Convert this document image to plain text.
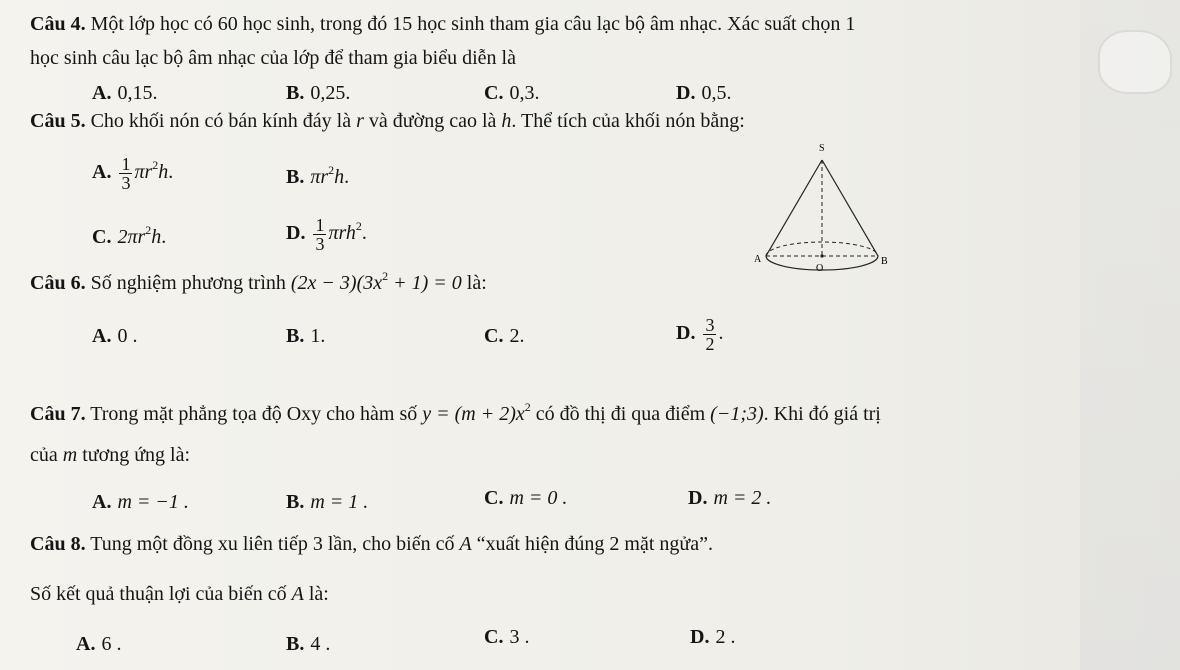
Câu 4. Một lớp học có 60 học sinh, trong đó 15 học sinh tham gia câu lạc bộ âm nhạc. Xác suất chọn 1
học sinh câu lạc bộ âm nhạc của lớp để tham gia biểu diễn là
A. 0,15.	B. 0,25.	C. 0,3.	D. 0,5.
Câu 5. Cho khối nón có bán kính đáy là r và đường cao là h. Thể tích của khối nón bằng:
A. $\frac{1}{3} \pi r^2h$.	B. $\pi r^2h$.
C. $2\pi r^2h$.	D. $\frac{1}{3} \pi rh^2$.
S
O
A	B
Câu 6. Số nghiệm phương trình $(2x - 3)(3x^2 + 1) = 0$ là:
A. 0 .	B. 1.	C. 2.	D. $\frac{3}{2}$ .
Câu 7. Trong mặt phẳng tọa độ Oxy cho hàm số $y = (m + 2)x^2$ có đồ thị đi qua điểm (−1;3). Khi đó giá trị
của m tương ứng là:
A. m = −1 .	B. m = 1 .	C. m = 0 .	D. m = 2 .
Câu 8. Tung một đồng xu liên tiếp 3 lần, cho biến cố A “xuất hiện đúng 2 mặt ngửa”.
Số kết quả thuận lợi của biến cố A là:
A. 6 .	B. 4 .	C. 3 .	D. 2 .
